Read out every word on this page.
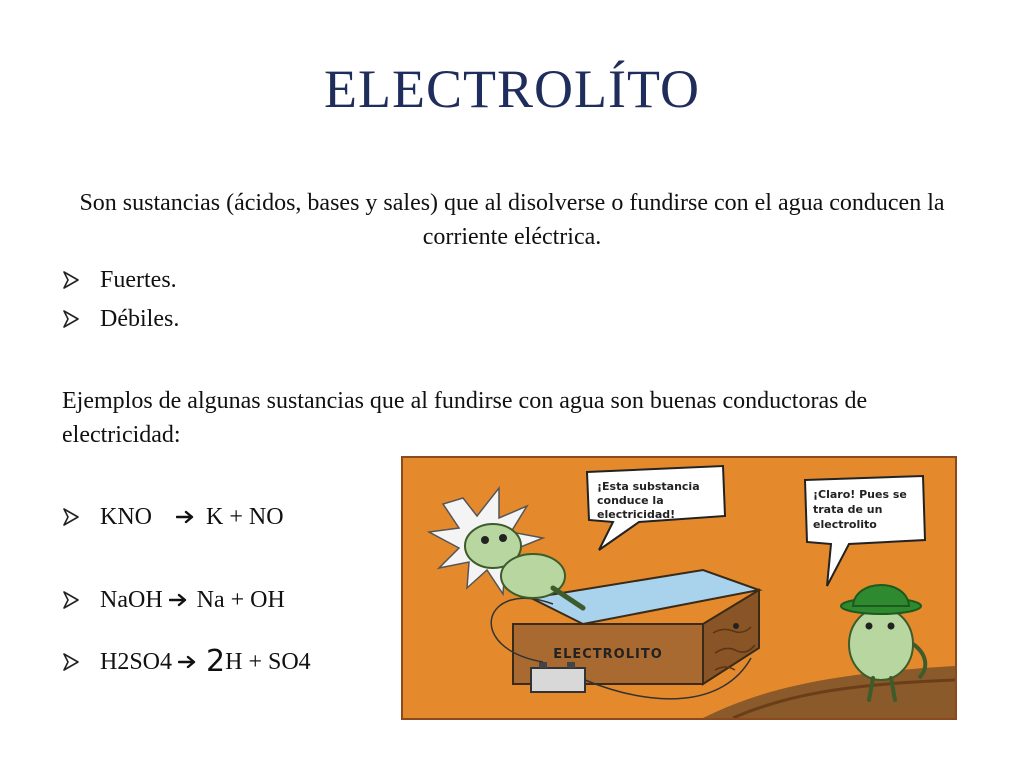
ELECTROLÍTO
Son sustancias (ácidos, bases y sales) que al disolverse o fundirse con el agua conducen la corriente eléctrica.
Fuertes.
Débiles.
Ejemplos de algunas sustancias que al fundirse con agua son buenas conductoras de electricidad:
KNO K + NO
NaOH Na + OH
H2SO4 2 H + SO4	ELECTROLITO
¡Esta substancia
conduce la
electricidad!
¡Claro! Pues se
trata de un
electrolito
